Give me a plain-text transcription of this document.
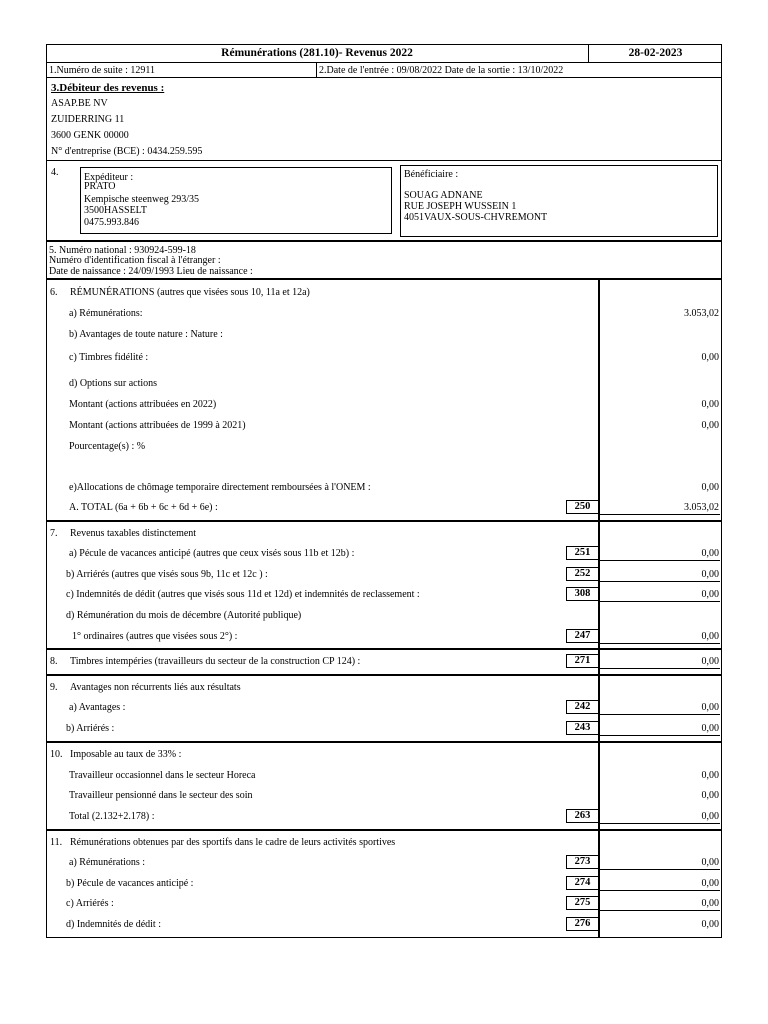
Rémunérations (281.10)- Revenus 2022	28-02-2023
1.Numéro de suite : 12911	2.Date de l'entrée : 09/08/2022 Date de la sortie : 13/10/2022
3.Débiteur des revenus :
ASAP.BE NV
ZUIDERRING 11
3600 GENK 00000
N° d'entreprise (BCE) : 0434.259.595
4.	Expéditeur :
PRATO
Kempische steenweg 293/35
3500HASSELT
0475.993.846
Bénéficiaire :
SOUAG ADNANE
RUE JOSEPH WUSSEIN 1
4051VAUX-SOUS-CHVREMONT
5. Numéro national : 930924-599-18
Numéro d'identification fiscal à l'étranger :
Date de naissance : 24/09/1993 Lieu de naissance :
6. RÉMUNÉRATIONS (autres que visées sous 10, 11a et 12a)
a) Rémunérations:	3.053,02
b) Avantages de toute nature : Nature :
c) Timbres fidélité :	0,00
d) Options sur actions
Montant (actions attribuées en 2022)	0,00
Montant (actions attribuées de 1999 à 2021)	0,00
Pourcentage(s) : %
e)Allocations de chômage temporaire directement remboursées à l'ONEM :	0,00
A. TOTAL (6a + 6b + 6c + 6d + 6e) :	250	3.053,02
7. Revenus taxables distinctement
a) Pécule de vacances anticipé (autres que ceux visés sous 11b et 12b) :	251	0,00
b) Arriérés (autres que visés sous 9b, 11c et 12c ) :	252	0,00
c) Indemnités de dédit (autres que visés sous 11d et 12d) et indemnités de reclassement :	308	0,00
d) Rémunération du mois de décembre (Autorité publique)
1° ordinaires (autres que visées sous 2°) :	247	0,00
8. Timbres intempéries (travailleurs du secteur de la construction CP 124) :	271	0,00
9. Avantages non récurrents liés aux résultats
a) Avantages :	242	0,00
b) Arriérés :	243	0,00
10. Imposable au taux de 33% :
Travailleur occasionnel dans le secteur Horeca	0,00
Travailleur pensionné dans le secteur des soin	0,00
Total (2.132+2.178) :	263	0,00
11. Rémunérations obtenues par des sportifs dans le cadre de leurs activités sportives
a) Rémunérations :	273	0,00
b) Pécule de vacances anticipé :	274	0,00
c) Arriérés :	275	0,00
d) Indemnités de dédit :	276	0,00
